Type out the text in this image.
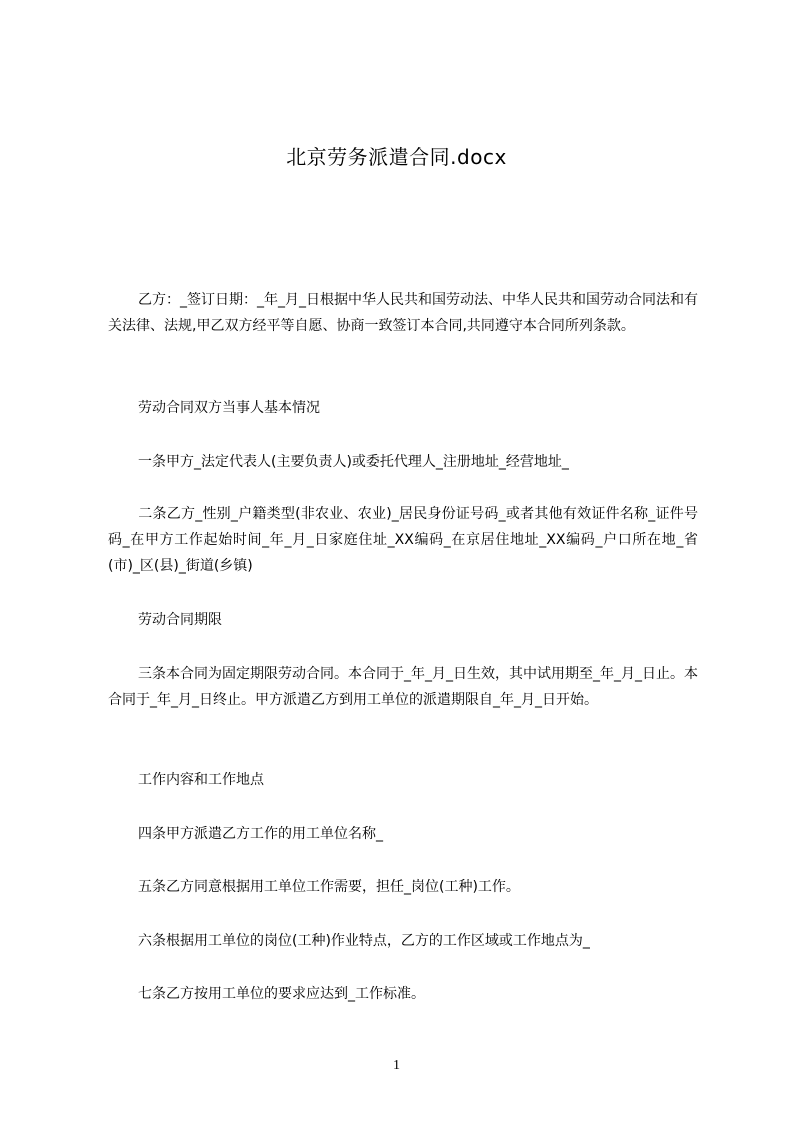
北京劳务派遣合同.docx
乙方：_签订日期：_年_月_日根据中华人民共和国劳动法、中华人民共和国劳动合同法和有关法律、法规,甲乙双方经平等自愿、协商一致签订本合同,共同遵守本合同所列条款。
劳动合同双方当事人基本情况
一条甲方_法定代表人(主要负责人)或委托代理人_注册地址_经营地址_
二条乙方_性别_户籍类型(非农业、农业)_居民身份证号码_或者其他有效证件名称_证件号码_在甲方工作起始时间_年_月_日家庭住址_XX编码_在京居住地址_XX编码_户口所在地_省(市)_区(县)_街道(乡镇)
劳动合同期限
三条本合同为固定期限劳动合同。本合同于_年_月_日生效，其中试用期至_年_月_日止。本合同于_年_月_日终止。甲方派遣乙方到用工单位的派遣期限自_年_月_日开始。
工作内容和工作地点
四条甲方派遣乙方工作的用工单位名称_
五条乙方同意根据用工单位工作需要，担任_岗位(工种)工作。
六条根据用工单位的岗位(工种)作业特点，乙方的工作区域或工作地点为_
七条乙方按用工单位的要求应达到_工作标准。
1
